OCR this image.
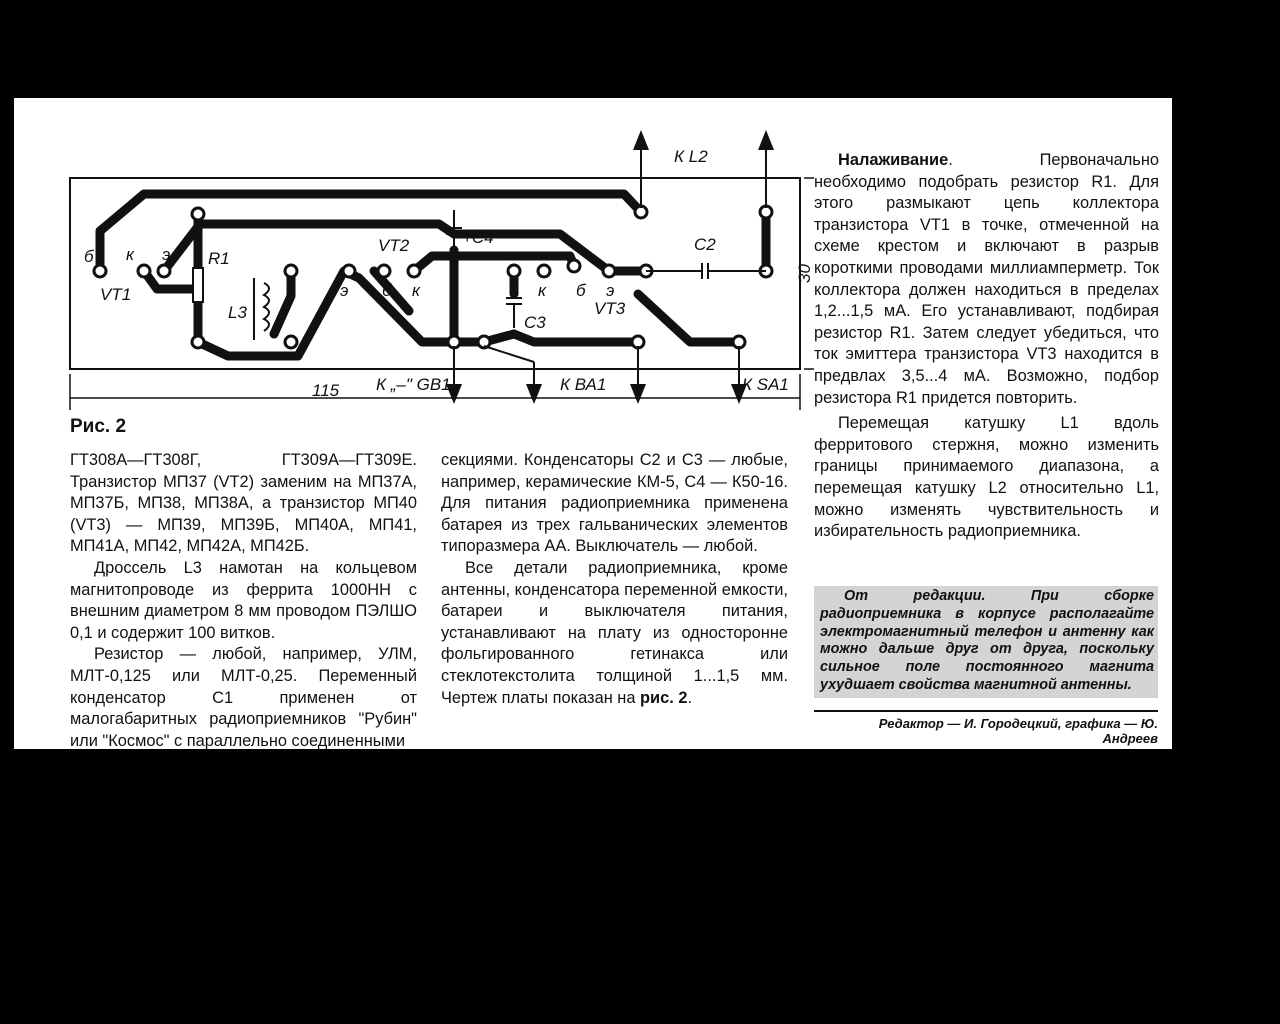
б к э R1
VT2	+С4	C2
К L2
30
VT1
L3
э б к	к б э
С3
VT3
115 К „–" GB1	К ВА1	К SA1
Рис. 2

ГТ308А—ГТ308Г, ГТ309А—ГТ309Е. Транзистор МП37 (VT2) заменим на МП37А, МП37Б, МП38, МП38А, а транзистор МП40 (VT3) — МП39, МП39Б, МП40А, МП41, МП41А, МП42, МП42А, МП42Б.

Дроссель L3 намотан на кольцевом магнитопроводе из феррита 1000НН с внешним диаметром 8 мм проводом ПЭЛШО 0,1 и содержит 100 витков.

Резистор — любой, например, УЛМ, МЛТ-0,125 или МЛТ-0,25. Переменный конденсатор С1 применен от малогабаритных радиоприемников "Рубин" или "Космос" с параллельно соединенными

секциями. Конденсаторы С2 и С3 — любые, например, керамические КМ-5, С4 — К50-16. Для питания радиоприемника применена батарея из трех гальванических элементов типоразмера АА. Выключатель — любой.

Все детали радиоприемника, кроме антенны, конденсатора переменной емкости, батареи и выключателя питания, устанавливают на плату из односторонне фольгированного гетинакса или стеклотекстолита толщиной 1...1,5 мм. Чертеж платы показан на рис. 2.

Налаживание. Первоначально необходимо подобрать резистор R1. Для этого размыкают цепь коллектора транзистора VT1 в точке, отмеченной на схеме крестом и включают в разрыв короткими проводами миллиамперметр. Ток коллектора должен находиться в пределах 1,2...1,5 мА. Его устанавливают, подбирая резистор R1. Затем следует убедиться, что ток эмиттера транзистора VT3 находится в предвлах 3,5...4 мА. Возможно, подбор резистора R1 придется повторить.

Перемещая катушку L1 вдоль ферритового стержня, можно изменить границы принимаемого диапазона, а перемещая катушку L2 относительно L1, можно изменять чувствительность и избирательность радиоприемника.

От редакции. При сборке радиоприемника в корпусе располагайте электромагнитный телефон и антенну как можно дальше друг от друга, поскольку сильное поле постоянного магнита ухудшает свойства магнитной антенны.
Редактор — И. Городецкий, графика — Ю. Андреев
